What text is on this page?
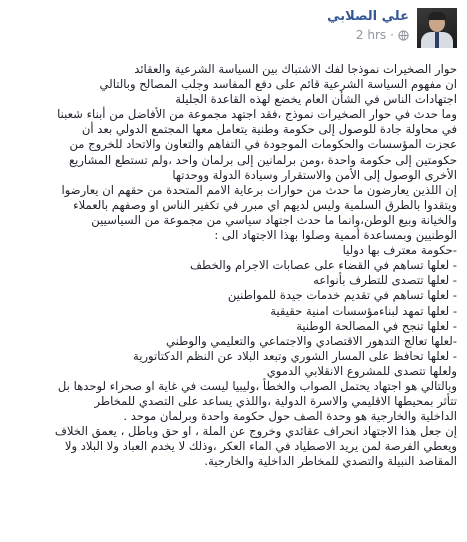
علي الصلابي
2 hrs ·

حوار الصخيرات نموذجا لفك الاشتباك بين السياسة الشرعية والعقائد

ان مفهوم السياسة الشرعية قائم على دفع المفاسد وجلب المصالح وبالتالي

اجتهادات الناس في الشأن العام يخضع لهذه القاعدة الجليلة

وما حدث في حوار الصخيرات نموذج ،فقد اجتهد مجموعة من الأفاضل من أبناء شعبنا

في محاولة جادة للوصول إلى حكومة وطنية يتعامل معها المجتمع الدولي بعد أن

عجزت المؤسسات والحكومات الموجودة في التفاهم والتعاون والاتحاد للخروج من

حكومتين إلى حكومة واحدة ،ومن برلمانين إلى برلمان واحد ،ولم تستطع المشاريع

الأخرى الوصول إلى الأمن والاستقرار وسيادة الدولة ووحدتها

إن اللذين يعارضون ما حدث من حوارات برعاية الامم المتحدة من حقهم ان يعارضوا

ويتقدوا بالطرق السلمية وليس لديهم اي مبرر في تكفير الناس او وصفهم بالعملاء

والخيانة وبيع الوطن،وانما ما حدث اجتهاد سياسي من مجموعة من السياسيين

الوطنيين وبمساعدة أممية وصلوا بهذا الاجتهاد الى :

-حكومة معترف بها دوليا

- لعلها تساهم في القضاء على عصابات الاجرام والخطف

- لعلها تتصدى للتطرف بأنواعه

- لعلها تساهم في تقديم خدمات جيدة للمواطنين

- لعلها تمهد لبناءمؤسسات امنية حقيقية

- لعلها تنجح في المصالحة الوطنية

-لعلها تعالج التدهور الاقتصادي والاجتماعي والتعليمي والوطني

- لعلها تحافظ على المسار الشوري وتبعد البلاد عن النظم الدكتاتورية

ولعلها تتصدى للمشروع الانقلابي الدموي

وبالتالي هو اجتهاد يحتمل الصواب والخطأ ،وليبيا ليست في غاية او صحراء لوحدها بل

تتأثر بمحيطها الاقليمي والاسرة الدولية ،واللذي يساعد على التصدي للمخاطر

الداخلية والخارجية هو وحدة الصف حول حكومة واحدة وبرلمان موحد .

إن جعل هذا الاجتهاد انحراف عقائدي وخروج عن الملة ، او حق وباطل ، يعمق الخلاف

ويعطي الفرصة لمن يريد الاصطياد في الماء العكر ،وذلك لا يخدم العباد ولا البلاد ولا

المقاصد النبيلة والتصدي للمخاطر الداخلية والخارجية.
